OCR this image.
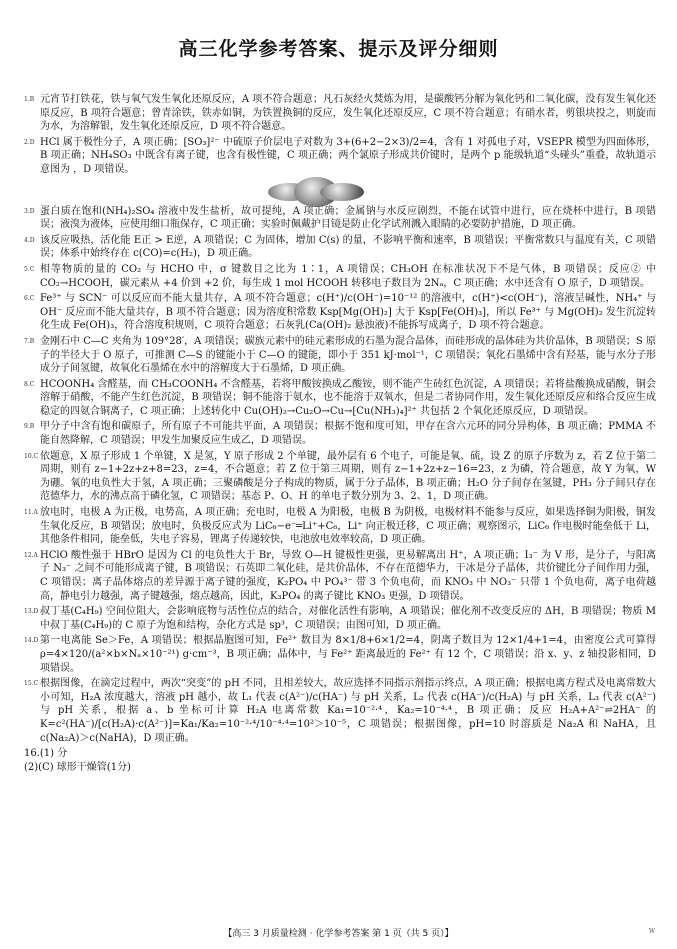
高三化学参考答案、提示及评分细则
1.B 元宵节打铁花，铁与氧气发生氧化还原反应，A 项不符合题意；凡石灰经火焚炼为用，是碳酸钙分解为氧化钙和二氧化碳，没有发生氧化还原反应，B 项符合题意；曾青涂铁，铁赤如铜，为铁置换铜的反应，发生氧化还原反应，C 项不符合题意；有硝水者，剪银块投之，则旋而为水，为溶解银，发生氧化还原反应，D 项不符合题意。
2.D HCl 属于极性分子，A 项正确；[SO₃]²⁻ 中硫原子价层电子对数为 3+(6+2−2×3)/2=4，含有 1 对孤电子对，VSEPR 模型为四面体形，B 项正确；NH₄SO₃ 中既含有离子键，也含有极性键，C 项正确；两个氯原子形成共价键时，是两个 p 能级轨道“头碰头”重叠，故轨道示意图为 ，D 项错误。
3.D 蛋白质在饱和(NH₄)₂SO₄ 溶液中发生盐析，故可提纯，A 项正确；金属钠与水反应剧烈，不能在试管中进行，应在烧杯中进行，B 项错误；液溴为液体，应使用细口瓶保存，C 项正确；实验时佩戴护目镜是防止化学试剂溅入眼睛的必要防护措施，D 项正确。
4.D 该反应吸热，活化能 E正 > E逆，A 项错误；C 为固体，增加 C(s) 的量，不影响平衡和速率，B 项错误；平衡常数只与温度有关，C 项错误；体系中始终存在 c(CO)=c(H₂)，D 项正确。
5.C 相等物质的量的 CO₂ 与 HCHO 中，σ 键数目之比为 1∶1，A 项错误；CH₃OH 在标准状况下不是气体，B 项错误；反应② 中 CO₂→HCOOH，碳元素从 +4 价到 +2 价，每生成 1 mol HCOOH 转移电子数目为 2Nₐ，C 项正确；水中还含有 O 原子，D 项错误。
6.C Fe³⁺ 与 SCN⁻ 可以反应而不能大量共存，A 项不符合题意；c(H⁺)/c(OH⁻)=10⁻¹² 的溶液中，c(H⁺)<c(OH⁻)，溶液呈碱性，NH₄⁺ 与 OH⁻ 反应而不能大量共存，B 项不符合题意；因为溶度积常数 Ksp[Mg(OH)₂] 大于 Ksp[Fe(OH)₃]，所以 Fe³⁺ 与 Mg(OH)₂ 发生沉淀转化生成 Fe(OH)₃，符合溶度积规则，C 项符合题意；石灰乳(Ca(OH)₂ 悬浊液)不能拆写成离子，D 项不符合题意。
7.B 金刚石中 C—C 夹角为 109°28′，A 项错误；碳族元素中的硅元素形成的石墨为混合晶体，而硅形成的晶体硅为共价晶体，B 项错误；S 原子的半径大于 O 原子，可推测 C—S 的键能小于 C—O 的键能，即小于 351 kJ·mol⁻¹，C 项错误；氧化石墨烯中含有羟基，能与水分子形成分子间氢键，故氧化石墨烯在水中的溶解度大于石墨烯，D 项正确。
8.C HCOONH₄ 含醛基，而 CH₃COONH₄ 不含醛基，若将甲酸铵换成乙酸铵，则不能产生砖红色沉淀，A 项错误；若将盐酸换成硝酸，铜会溶解于硝酸，不能产生红色沉淀，B 项错误；铜不能溶于氨水，也不能溶于双氧水，但是二者协同作用，发生氧化还原反应和络合反应生成稳定的四氨合铜离子，C 项正确；上述转化中 Cu(OH)₂→Cu₂O→Cu→[Cu(NH₃)₄]²⁺ 共包括 2 个氧化还原反应，D 项错误。
9.B 甲分子中含有饱和碳原子，所有原子不可能共平面，A 项错误；根据不饱和度可知，甲存在含六元环的同分异构体，B 项正确；PMMA 不能自然降解，C 项错误；甲发生加聚反应生成乙，D 项错误。
10.C 依题意，X 原子形成 1 个单键，X 是氢，Y 原子形成 2 个单键，最外层有 6 个电子，可能是氧、硫，设 Z 的原子序数为 z，若 Z 位于第二周期，则有 z−1+2z+z+8=23，z=4，不合题意；若 Z 位于第三周期，则有 z−1+2z+z−16=23，z 为磷，符合题意，故 Y 为氧，W 为硼。氧的电负性大于氢，A 项正确；三聚磷酸是分子构成的物质，属于分子晶体，B 项正确；H₂O 分子间存在氢键，PH₃ 分子间只存在范德华力，水的沸点高于磷化氢，C 项错误；基态 P、O、H 的单电子数分别为 3、2、1，D 项正确。
11.A 放电时，电极 A 为正极，电势高，A 项正确；充电时，电极 A 为阳极，电极 B 为阴极，电极材料不能参与反应，如果选择铜为阳极，铜发生氧化反应，B 项错误；放电时，负极反应式为 LiC₆−e⁻═Li⁺+C₆，Li⁺ 向正极迁移，C 项正确；观察图示，LiC₆ 作电极时能垒低于 Li，其他条件相同，能垒低，失电子容易，锂离子传递较快，电池放电效率较高，D 项正确。
12.A HClO 酸性强于 HBrO 是因为 Cl 的电负性大于 Br，导致 O—H 键极性更强，更易解离出 H⁺，A 项正确；I₃⁻ 为 V 形，是分子，与阳离子 N₃⁻ 之间不可能形成离子键，B 项错误；石英即二氧化硅，是共价晶体，不存在范德华力，干冰是分子晶体，共价键比分子间作用力强，C 项错误；离子晶体熔点的差异源于离子键的强度，K₂PO₄ 中 PO₄³⁻ 带 3 个负电荷，而 KNO₃ 中 NO₃⁻ 只带 1 个负电荷，离子电荷越高，静电引力越强，离子键越强，熔点越高，因此，K₃PO₄ 的离子键比 KNO₃ 更强，D 项错误。
13.D 叔丁基(C₄H₉) 空间位阻大，会影响底物与活性位点的结合，对催化活性有影响，A 项错误；催化剂不改变反应的 ΔH，B 项错误；物质 M 中叔丁基(C₄H₉)的 C 原子为饱和结构，杂化方式是 sp³，C 项错误；由图可知，D 项正确。
14.D 第一电离能 Se＞Fe，A 项错误；根据晶胞图可知，Fe²⁺ 数目为 8×1/8+6×1/2=4，阴离子数目为 12×1/4+1=4，由密度公式可算得 ρ=4×120/(a²×b×Nₐ×10⁻²¹) g·cm⁻³，B 项正确；晶体中，与 Fe²⁺ 距离最近的 Fe²⁺ 有 12 个，C 项错误；沿 x、y、z 轴投影相同，D 项错误。
15.C 根据图像，在滴定过程中，两次“突变”的 pH 不同，且相差较大，故应选择不同指示剂指示终点，A 项正确；根据电离方程式及电离常数大小可知，H₂A 浓度越大，溶液 pH 越小，故 L₁ 代表 c(A²⁻)/c(HA⁻) 与 pH 关系，L₂ 代表 c(HA⁻)/c(H₂A) 与 pH 关系，L₃ 代表 c(A²⁻) 与 pH 关系，根据 a、b 坐标可计算 H₂A 电离常数 Ka₁=10⁻²·⁴，Ka₂=10⁻⁴·⁴，B 项正确；反应 H₂A+A²⁻⇌2HA⁻ 的 K=c²(HA⁻)/[c(H₂A)·c(A²⁻)]=Ka₁/Ka₂=10⁻²·⁴/10⁻⁴·⁴=10²＞10⁻⁵，C 项错误；根据图像，pH=10 时溶质是 Na₂A 和 NaHA，且 c(Na₂A)＞c(NaHA)，D 项正确。
16.(1) 分
(2)(C) 球形干燥管(1分)
【高三 3 月质量检测 · 化学参考答案 第 1 页（共 5 页）】	W
